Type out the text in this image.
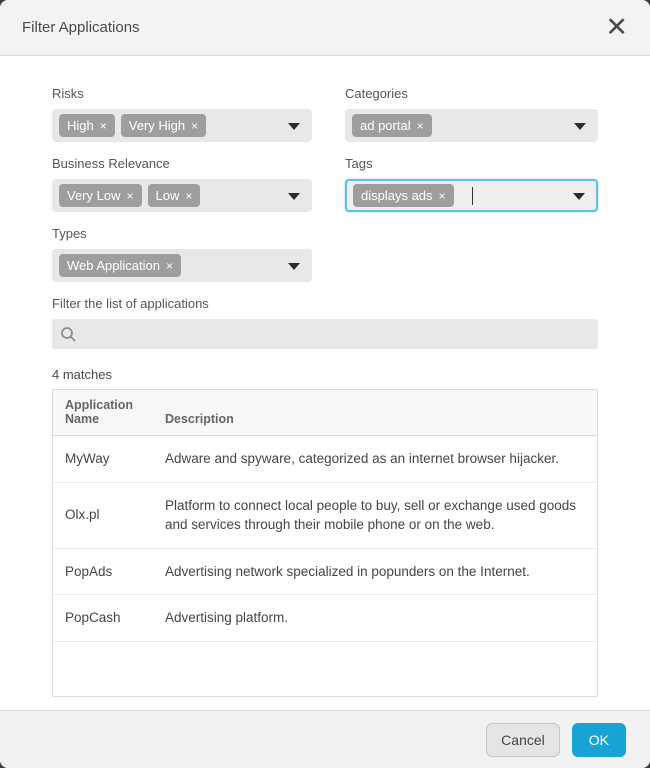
Filter Applications	✕
Risks
High × Very High ×
Categories
ad portal ×
Business Relevance
Very Low × Low ×
Tags
displays ads ×
Types
Web Application ×
Filter the list of applications
4 matches
Application Name	Description
MyWay	Adware and spyware, categorized as an internet browser hijacker.
Olx.pl	Platform to connect local people to buy, sell or exchange used goods and services through their mobile phone or on the web.
PopAds	Advertising network specialized in popunders on the Internet.
PopCash	Advertising platform.
Cancel	OK
